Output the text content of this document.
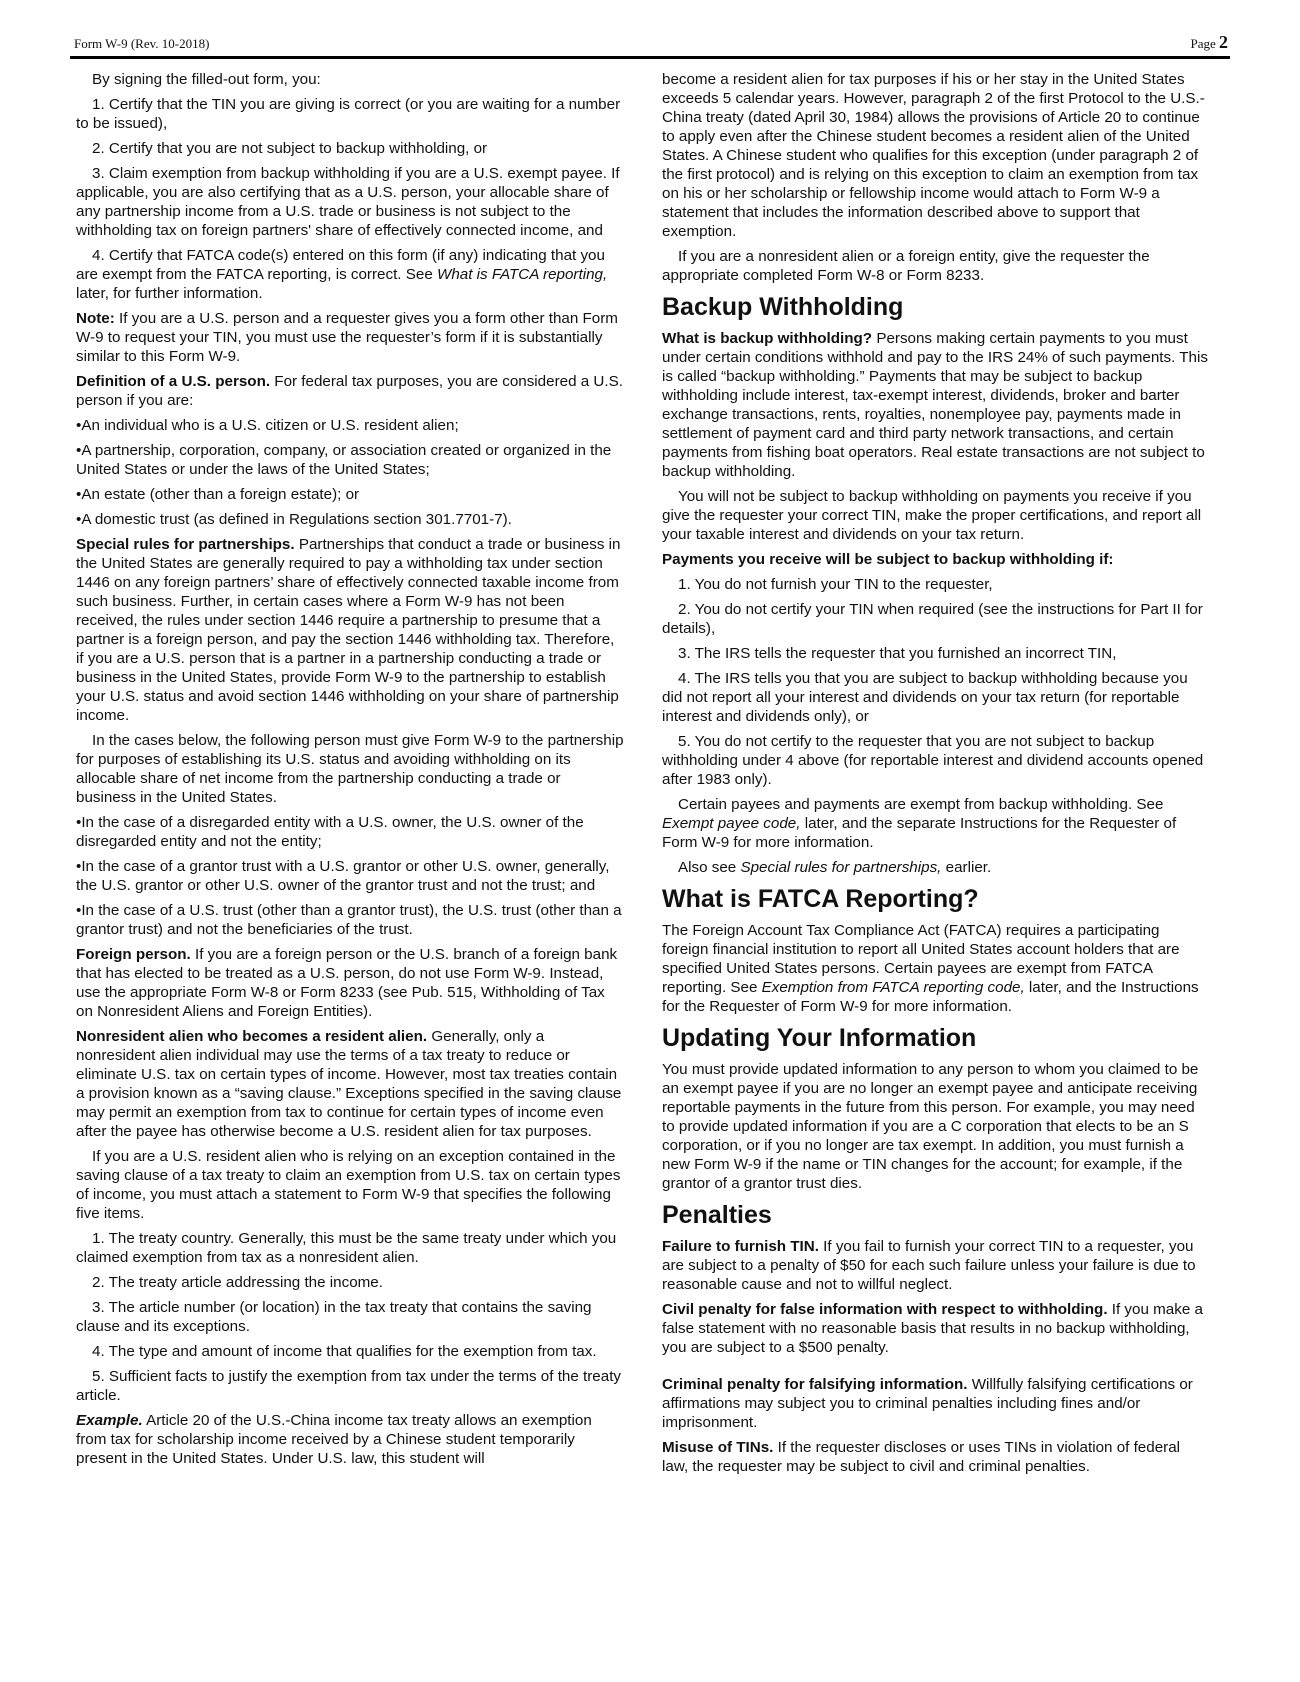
Form W-9 (Rev. 10-2018)	Page 2

By signing the filled-out form, you:

1. Certify that the TIN you are giving is correct (or you are waiting for a number to be issued),

2. Certify that you are not subject to backup withholding, or

3. Claim exemption from backup withholding if you are a U.S. exempt payee. If applicable, you are also certifying that as a U.S. person, your allocable share of any partnership income from a U.S. trade or business is not subject to the withholding tax on foreign partners' share of effectively connected income, and

4. Certify that FATCA code(s) entered on this form (if any) indicating that you are exempt from the FATCA reporting, is correct. See What is FATCA reporting, later, for further information.

Note: If you are a U.S. person and a requester gives you a form other than Form W-9 to request your TIN, you must use the requester’s form if it is substantially similar to this Form W-9.

Definition of a U.S. person. For federal tax purposes, you are considered a U.S. person if you are:

• An individual who is a U.S. citizen or U.S. resident alien;

• A partnership, corporation, company, or association created or organized in the United States or under the laws of the United States;

• An estate (other than a foreign estate); or

• A domestic trust (as defined in Regulations section 301.7701-7).

Special rules for partnerships. Partnerships that conduct a trade or business in the United States are generally required to pay a withholding tax under section 1446 on any foreign partners’ share of effectively connected taxable income from such business. Further, in certain cases where a Form W-9 has not been received, the rules under section 1446 require a partnership to presume that a partner is a foreign person, and pay the section 1446 withholding tax. Therefore, if you are a U.S. person that is a partner in a partnership conducting a trade or business in the United States, provide Form W-9 to the partnership to establish your U.S. status and avoid section 1446 withholding on your share of partnership income.

In the cases below, the following person must give Form W-9 to the partnership for purposes of establishing its U.S. status and avoiding withholding on its allocable share of net income from the partnership conducting a trade or business in the United States.

• In the case of a disregarded entity with a U.S. owner, the U.S. owner of the disregarded entity and not the entity;

• In the case of a grantor trust with a U.S. grantor or other U.S. owner, generally, the U.S. grantor or other U.S. owner of the grantor trust and not the trust; and

• In the case of a U.S. trust (other than a grantor trust), the U.S. trust (other than a grantor trust) and not the beneficiaries of the trust.

Foreign person. If you are a foreign person or the U.S. branch of a foreign bank that has elected to be treated as a U.S. person, do not use Form W-9. Instead, use the appropriate Form W-8 or Form 8233 (see Pub. 515, Withholding of Tax on Nonresident Aliens and Foreign Entities).

Nonresident alien who becomes a resident alien. Generally, only a nonresident alien individual may use the terms of a tax treaty to reduce or eliminate U.S. tax on certain types of income. However, most tax treaties contain a provision known as a “saving clause.” Exceptions specified in the saving clause may permit an exemption from tax to continue for certain types of income even after the payee has otherwise become a U.S. resident alien for tax purposes.

If you are a U.S. resident alien who is relying on an exception contained in the saving clause of a tax treaty to claim an exemption from U.S. tax on certain types of income, you must attach a statement to Form W-9 that specifies the following five items.

1. The treaty country. Generally, this must be the same treaty under which you claimed exemption from tax as a nonresident alien.

2. The treaty article addressing the income.

3. The article number (or location) in the tax treaty that contains the saving clause and its exceptions.

4. The type and amount of income that qualifies for the exemption from tax.

5. Sufficient facts to justify the exemption from tax under the terms of the treaty article.

Example. Article 20 of the U.S.-China income tax treaty allows an exemption from tax for scholarship income received by a Chinese student temporarily present in the United States. Under U.S. law, this student will

become a resident alien for tax purposes if his or her stay in the United States exceeds 5 calendar years. However, paragraph 2 of the first Protocol to the U.S.-China treaty (dated April 30, 1984) allows the provisions of Article 20 to continue to apply even after the Chinese student becomes a resident alien of the United States. A Chinese student who qualifies for this exception (under paragraph 2 of the first protocol) and is relying on this exception to claim an exemption from tax on his or her scholarship or fellowship income would attach to Form W-9 a statement that includes the information described above to support that exemption.

If you are a nonresident alien or a foreign entity, give the requester the appropriate completed Form W-8 or Form 8233.

Backup Withholding

What is backup withholding? Persons making certain payments to you must under certain conditions withhold and pay to the IRS 24% of such payments. This is called “backup withholding.” Payments that may be subject to backup withholding include interest, tax-exempt interest, dividends, broker and barter exchange transactions, rents, royalties, nonemployee pay, payments made in settlement of payment card and third party network transactions, and certain payments from fishing boat operators. Real estate transactions are not subject to backup withholding.

You will not be subject to backup withholding on payments you receive if you give the requester your correct TIN, make the proper certifications, and report all your taxable interest and dividends on your tax return.

Payments you receive will be subject to backup withholding if:

1. You do not furnish your TIN to the requester,

2. You do not certify your TIN when required (see the instructions for Part II for details),

3. The IRS tells the requester that you furnished an incorrect TIN,

4. The IRS tells you that you are subject to backup withholding because you did not report all your interest and dividends on your tax return (for reportable interest and dividends only), or

5. You do not certify to the requester that you are not subject to backup withholding under 4 above (for reportable interest and dividend accounts opened after 1983 only).

Certain payees and payments are exempt from backup withholding. See Exempt payee code, later, and the separate Instructions for the Requester of Form W-9 for more information.

Also see Special rules for partnerships, earlier.

What is FATCA Reporting?

The Foreign Account Tax Compliance Act (FATCA) requires a participating foreign financial institution to report all United States account holders that are specified United States persons. Certain payees are exempt from FATCA reporting. See Exemption from FATCA reporting code, later, and the Instructions for the Requester of Form W-9 for more information.

Updating Your Information

You must provide updated information to any person to whom you claimed to be an exempt payee if you are no longer an exempt payee and anticipate receiving reportable payments in the future from this person. For example, you may need to provide updated information if you are a C corporation that elects to be an S corporation, or if you no longer are tax exempt. In addition, you must furnish a new Form W-9 if the name or TIN changes for the account; for example, if the grantor of a grantor trust dies.

Penalties

Failure to furnish TIN. If you fail to furnish your correct TIN to a requester, you are subject to a penalty of $50 for each such failure unless your failure is due to reasonable cause and not to willful neglect.

Civil penalty for false information with respect to withholding. If you make a false statement with no reasonable basis that results in no backup withholding, you are subject to a $500 penalty.

Criminal penalty for falsifying information. Willfully falsifying certifications or affirmations may subject you to criminal penalties including fines and/or imprisonment.

Misuse of TINs. If the requester discloses or uses TINs in violation of federal law, the requester may be subject to civil and criminal penalties.
